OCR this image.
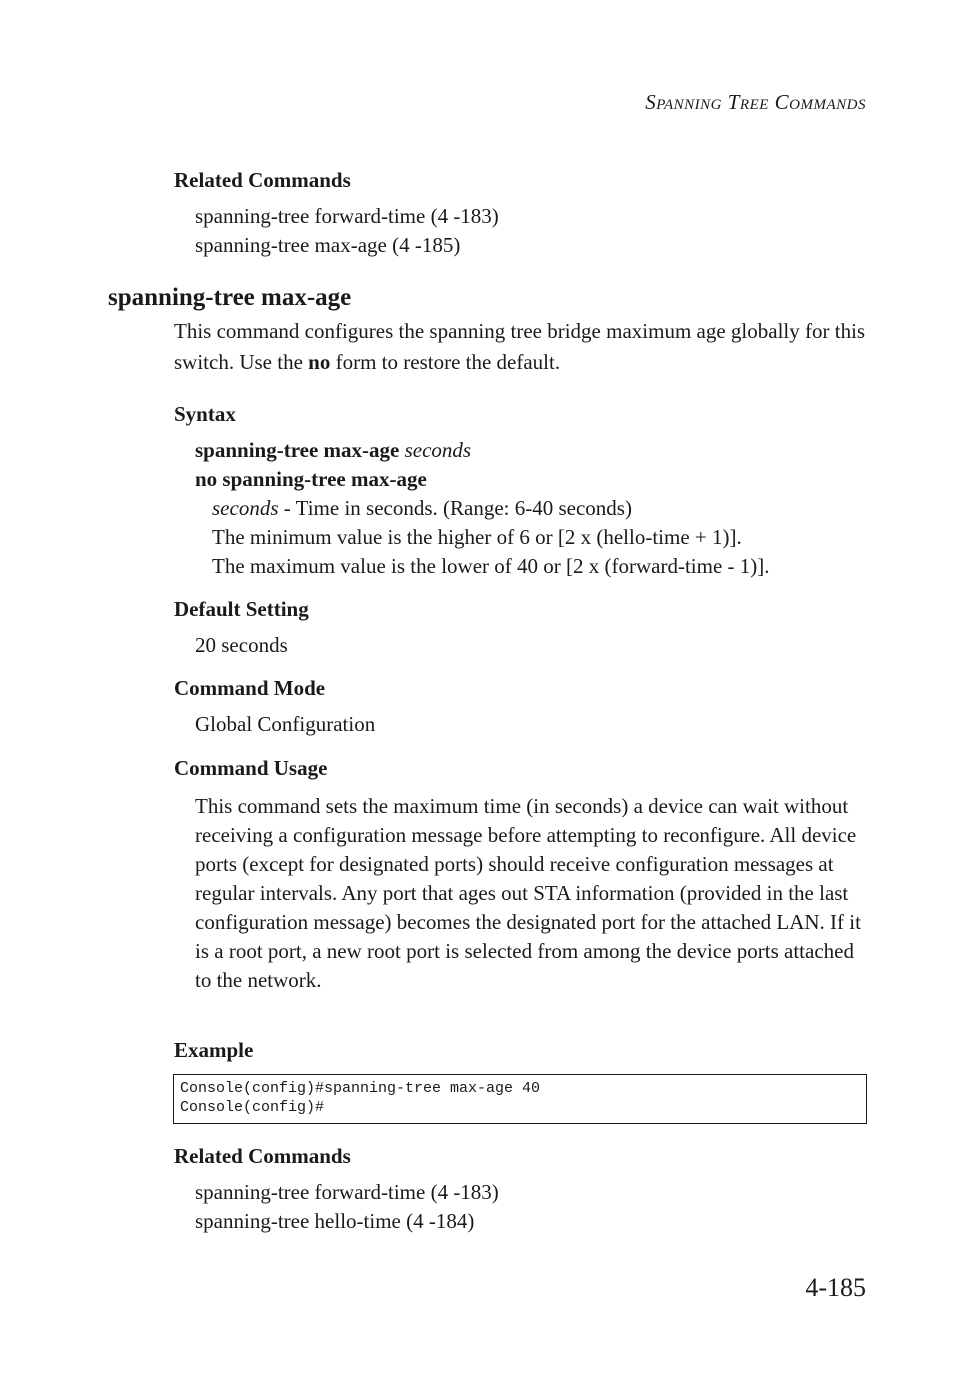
Spanning Tree Commands
Related Commands
spanning-tree forward-time (4 -183)
spanning-tree max-age (4 -185)
spanning-tree max-age
This command configures the spanning tree bridge maximum age globally for this switch. Use the no form to restore the default.
Syntax
spanning-tree max-age seconds
no spanning-tree max-age
seconds - Time in seconds. (Range: 6-40 seconds)
The minimum value is the higher of 6 or [2 x (hello-time + 1)].
The maximum value is the lower of 40 or [2 x (forward-time - 1)].
Default Setting
20 seconds
Command Mode
Global Configuration
Command Usage
This command sets the maximum time (in seconds) a device can wait without receiving a configuration message before attempting to reconfigure. All device ports (except for designated ports) should receive configuration messages at regular intervals. Any port that ages out STA information (provided in the last configuration message) becomes the designated port for the attached LAN. If it is a root port, a new root port is selected from among the device ports attached to the network.
Example
Console(config)#spanning-tree max-age 40
Console(config)#
Related Commands
spanning-tree forward-time (4 -183)
spanning-tree hello-time (4 -184)
4-185
